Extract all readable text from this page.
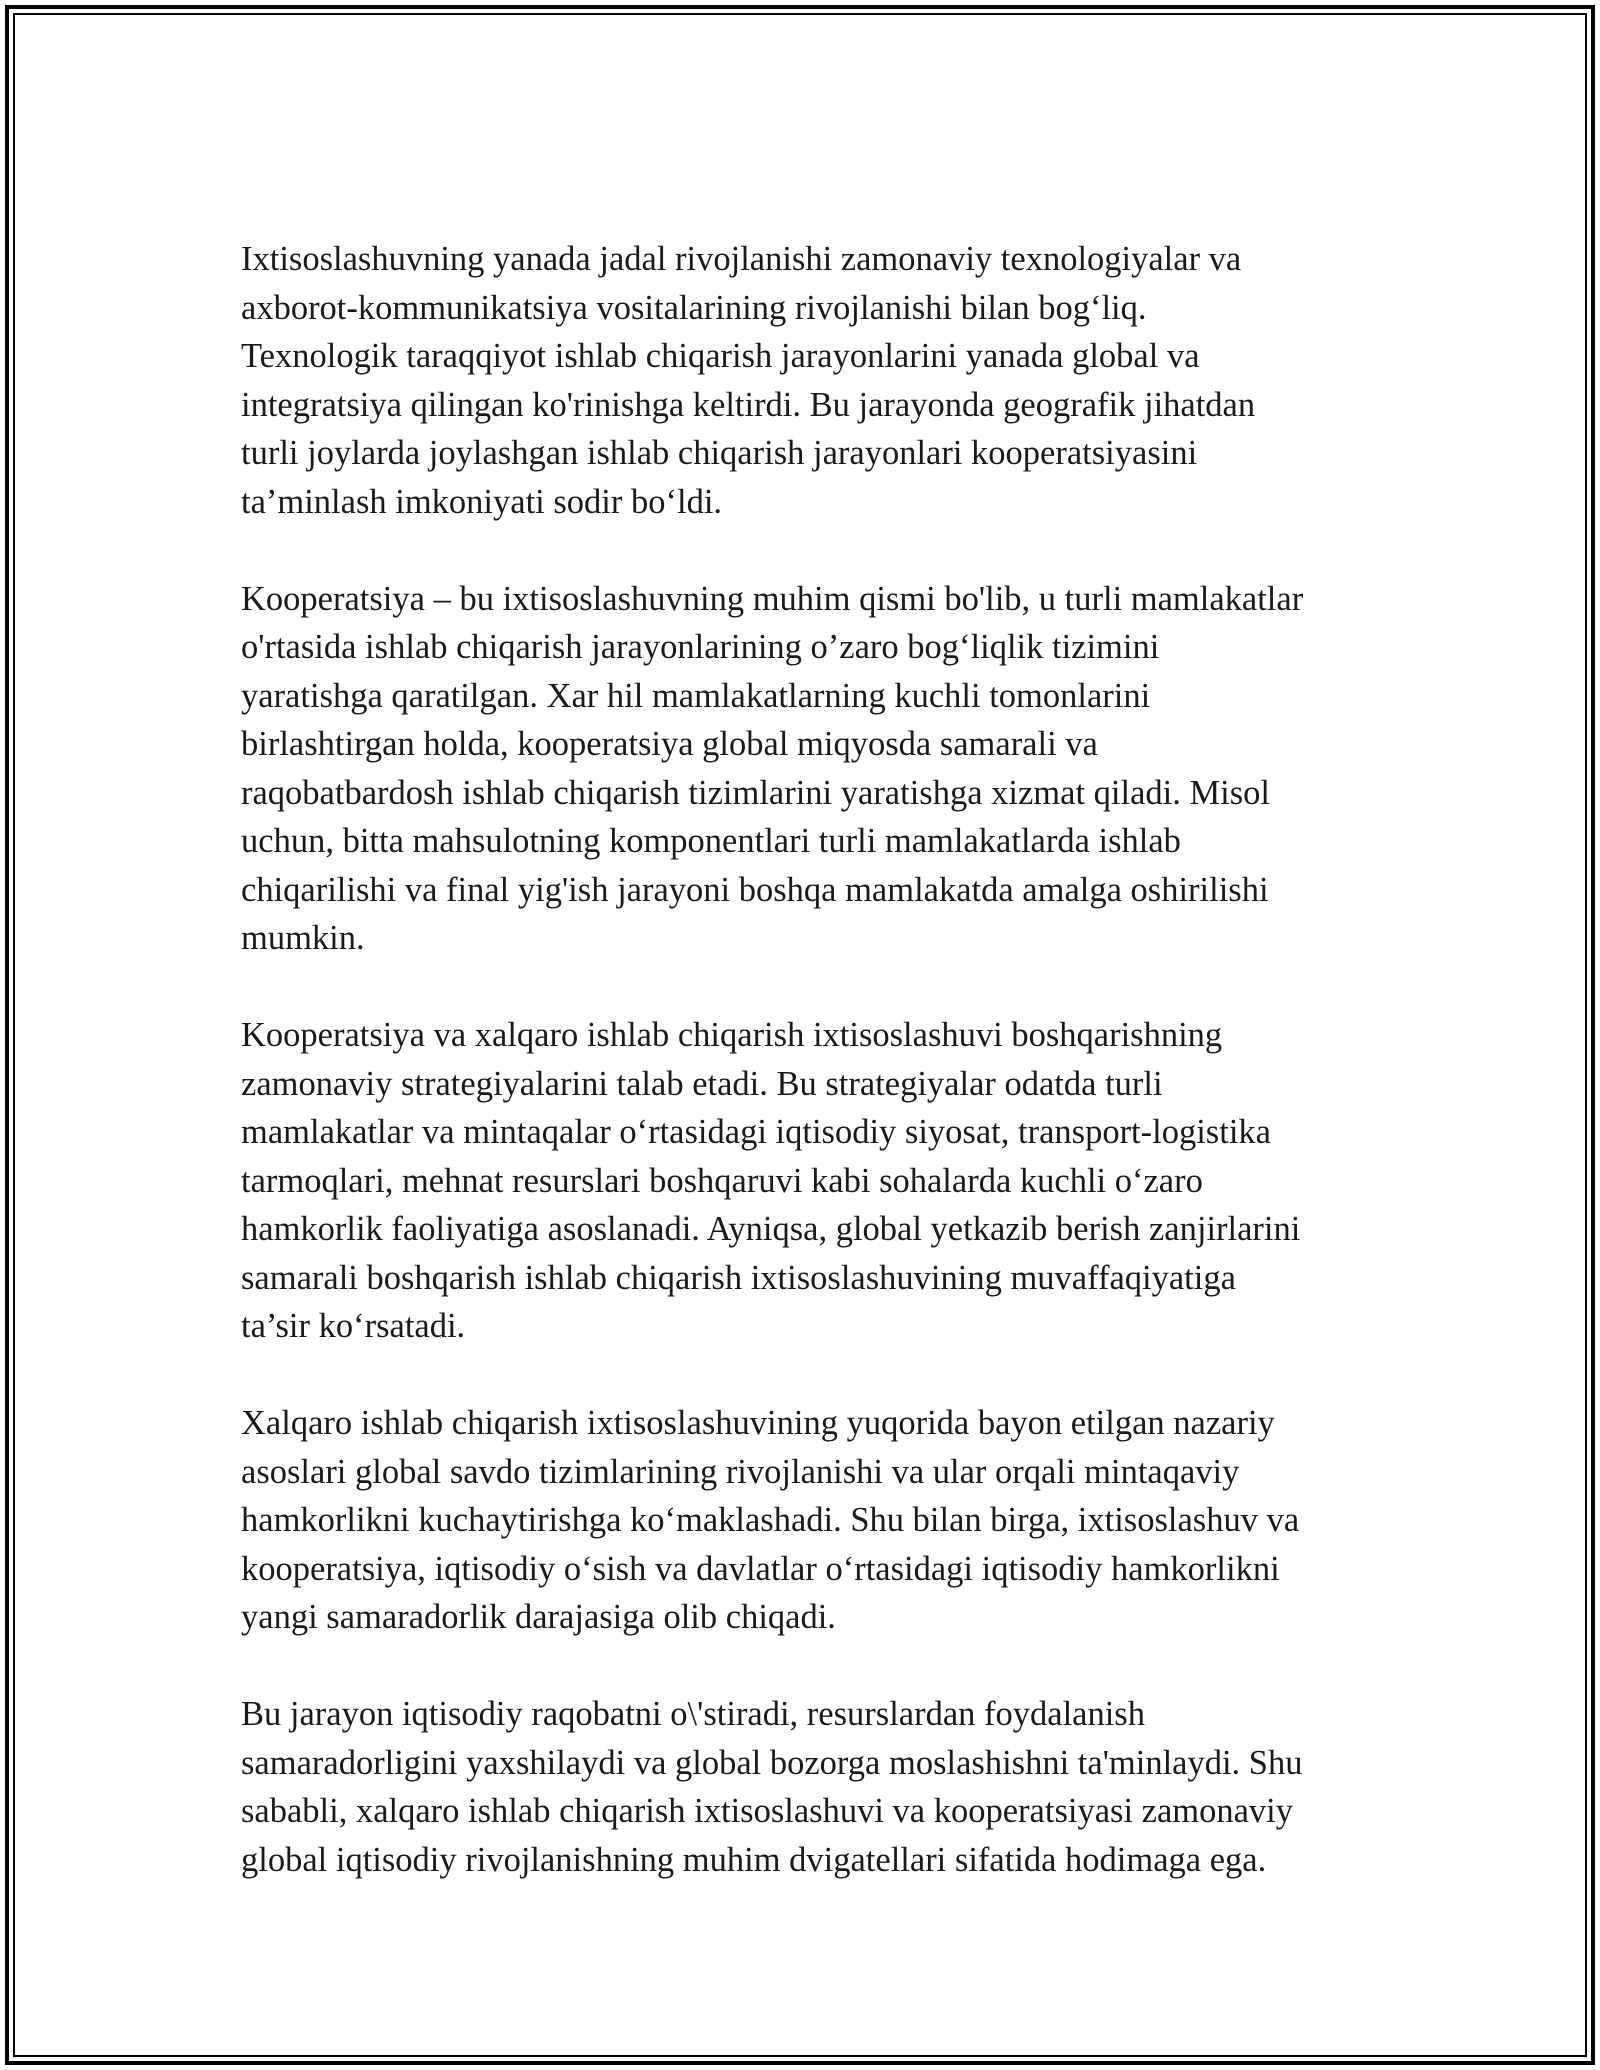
Ixtisoslashuvning yanada jadal rivojlanishi zamonaviy texnologiyalar va
axborot-kommunikatsiya vositalarining rivojlanishi bilan bog‘liq.
Texnologik taraqqiyot ishlab chiqarish jarayonlarini yanada global va
integratsiya qilingan ko'rinishga keltirdi. Bu jarayonda geografik jihatdan
turli joylarda joylashgan ishlab chiqarish jarayonlari kooperatsiyasini
ta’minlash imkoniyati sodir bo‘ldi.

Kooperatsiya – bu ixtisoslashuvning muhim qismi bo'lib, u turli mamlakatlar
o'rtasida ishlab chiqarish jarayonlarining o’zaro bog‘liqlik tizimini
yaratishga qaratilgan. Xar hil mamlakatlarning kuchli tomonlarini
birlashtirgan holda, kooperatsiya global miqyosda samarali va
raqobatbardosh ishlab chiqarish tizimlarini yaratishga xizmat qiladi. Misol
uchun, bitta mahsulotning komponentlari turli mamlakatlarda ishlab
chiqarilishi va final yig'ish jarayoni boshqa mamlakatda amalga oshirilishi
mumkin.

Kooperatsiya va xalqaro ishlab chiqarish ixtisoslashuvi boshqarishning
zamonaviy strategiyalarini talab etadi. Bu strategiyalar odatda turli
mamlakatlar va mintaqalar o‘rtasidagi iqtisodiy siyosat, transport-logistika
tarmoqlari, mehnat resurslari boshqaruvi kabi sohalarda kuchli o‘zaro
hamkorlik faoliyatiga asoslanadi. Ayniqsa, global yetkazib berish zanjirlarini
samarali boshqarish ishlab chiqarish ixtisoslashuvining muvaffaqiyatiga
ta’sir ko‘rsatadi.

Xalqaro ishlab chiqarish ixtisoslashuvining yuqorida bayon etilgan nazariy
asoslari global savdo tizimlarining rivojlanishi va ular orqali mintaqaviy
hamkorlikni kuchaytirishga ko‘maklashadi. Shu bilan birga, ixtisoslashuv va
kooperatsiya, iqtisodiy o‘sish va davlatlar o‘rtasidagi iqtisodiy hamkorlikni
yangi samaradorlik darajasiga olib chiqadi.

Bu jarayon iqtisodiy raqobatni o\'stiradi, resurslardan foydalanish
samaradorligini yaxshilaydi va global bozorga moslashishni ta'minlaydi. Shu
sababli, xalqaro ishlab chiqarish ixtisoslashuvi va kooperatsiyasi zamonaviy
global iqtisodiy rivojlanishning muhim dvigatellari sifatida hodimaga ega.
